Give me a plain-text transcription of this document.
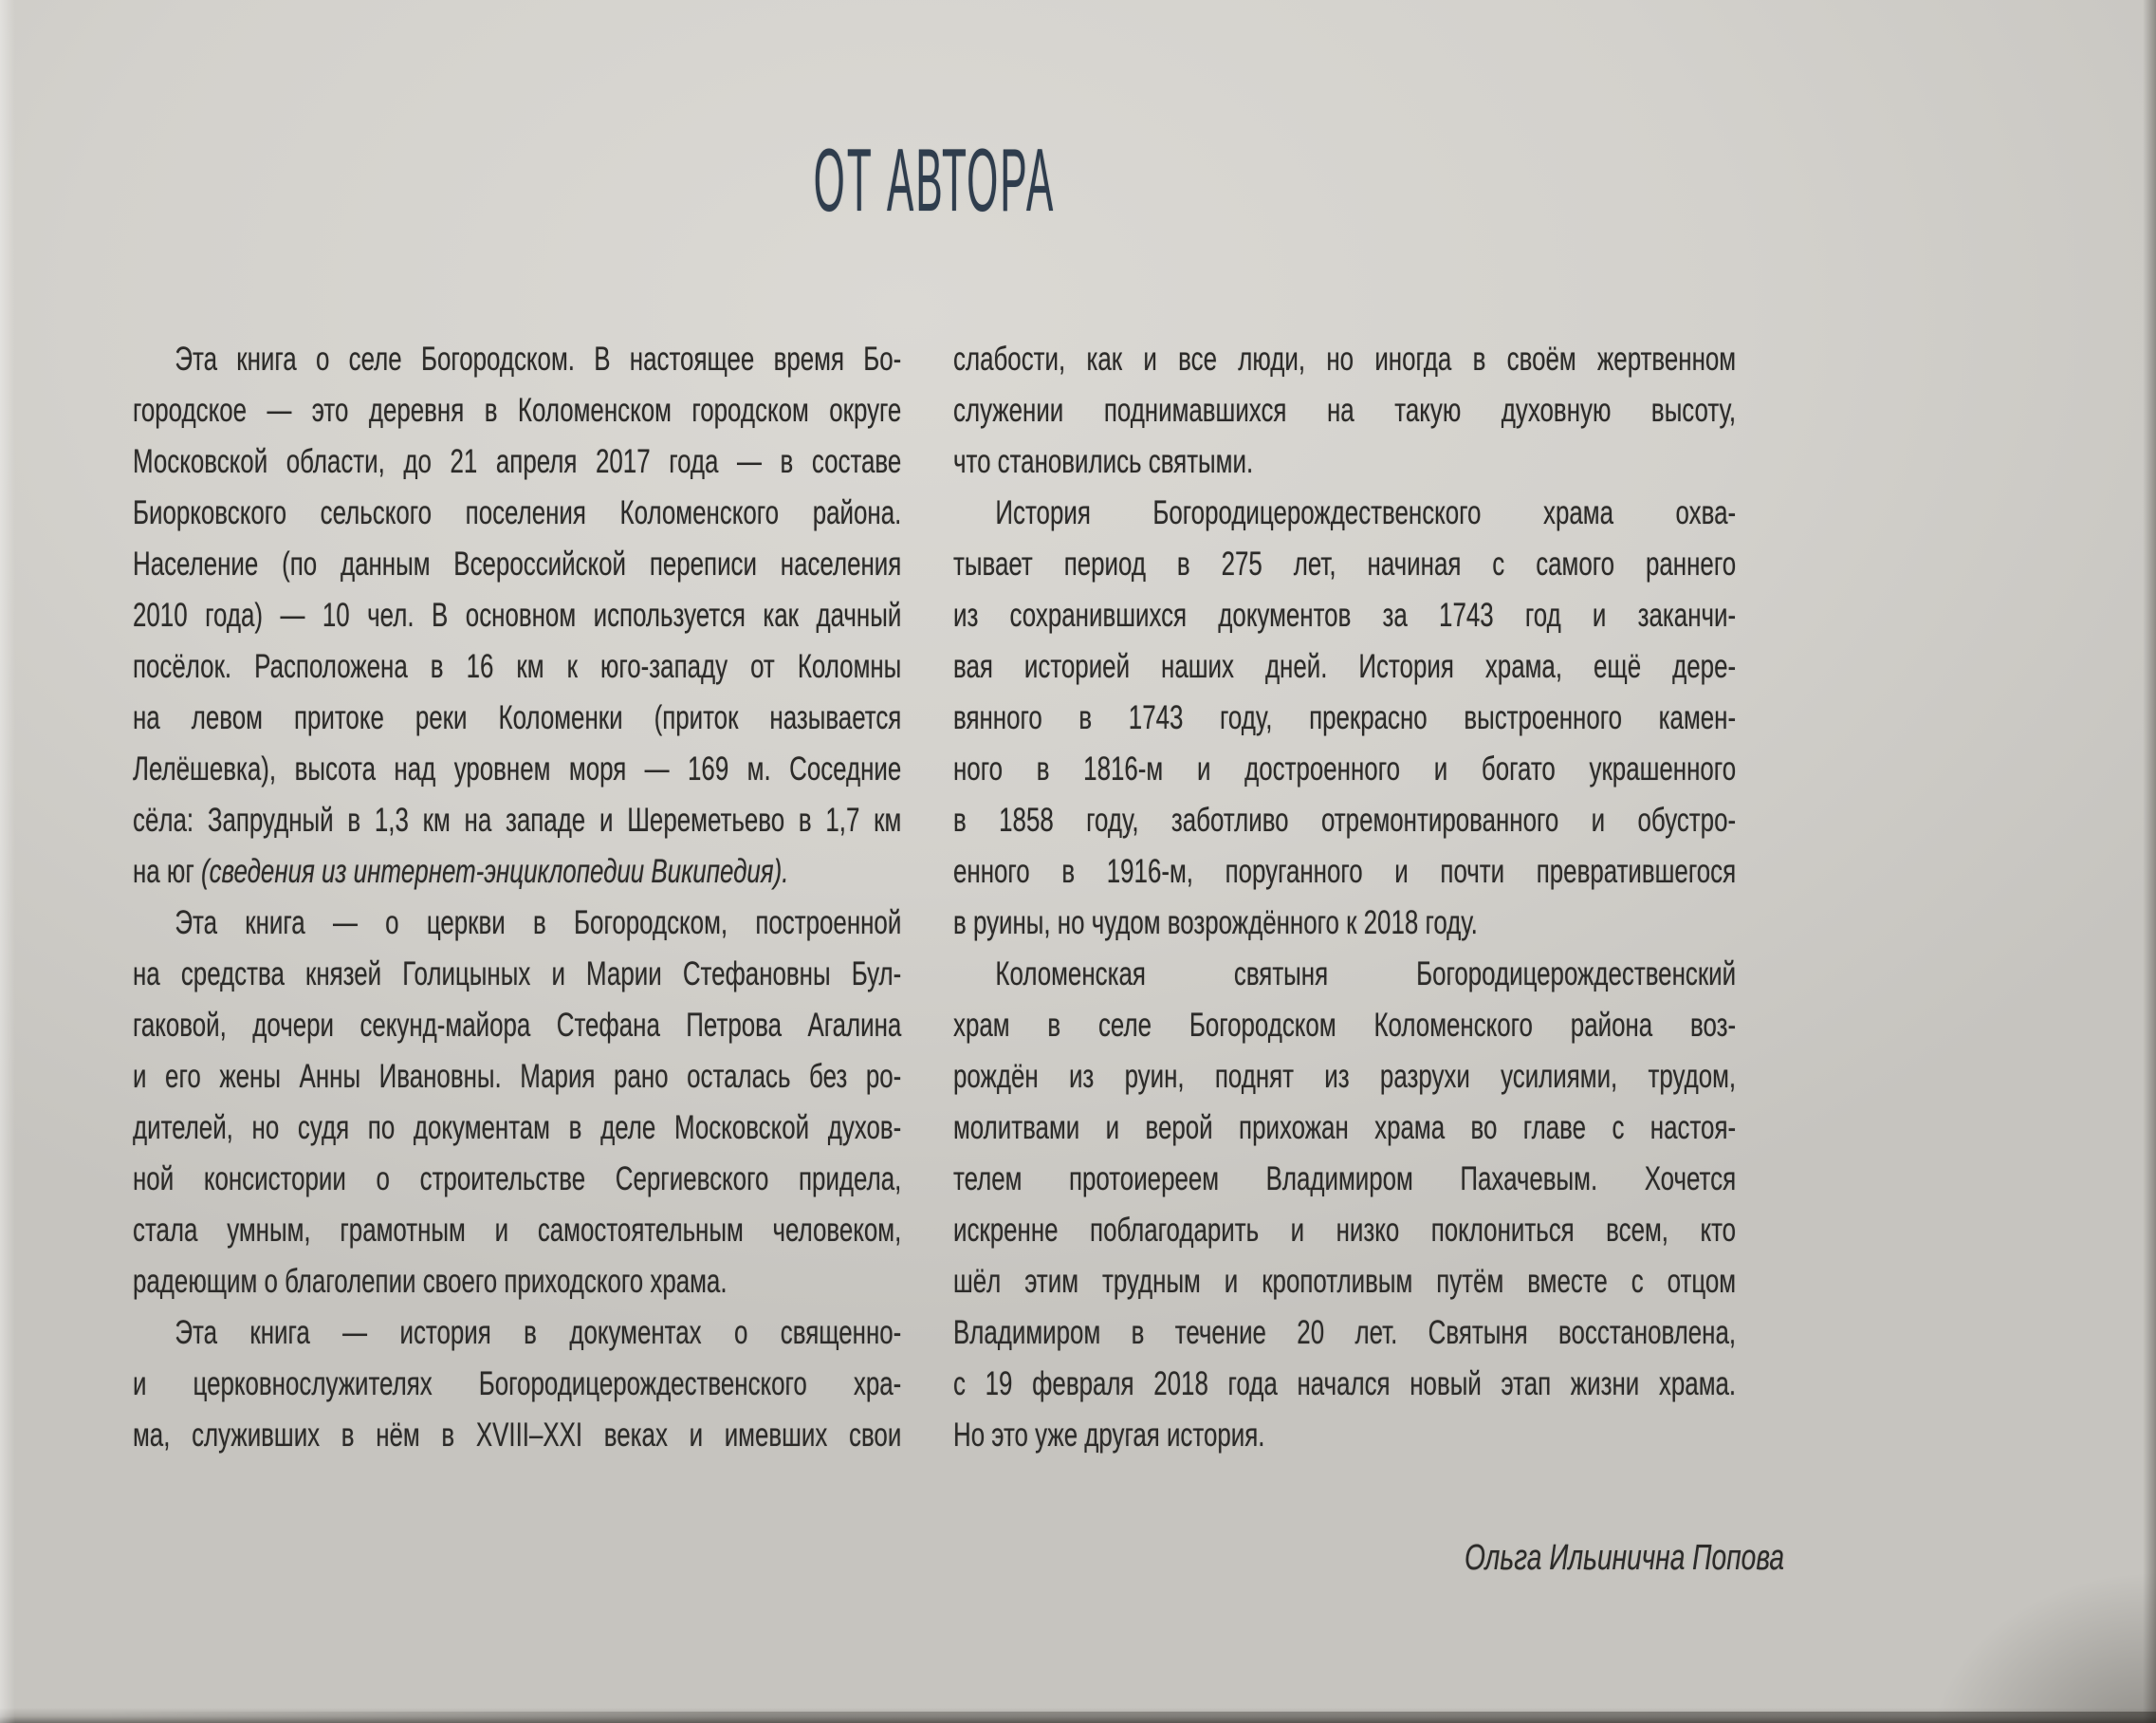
ОТ АВТОРА
Эта книга о селе Богородском. В настоящее время Бо-
городское — это деревня в Коломенском городском округе
Московской области, до 21 апреля 2017 года — в составе
Биорковского сельского поселения Коломенского района.
Население (по данным Всероссийской переписи населения
2010 года) — 10 чел. В основном используется как дачный
посёлок. Расположена в 16 км к юго-западу от Коломны
на левом притоке реки Коломенки (приток называется
Лелёшевка), высота над уровнем моря — 169 м. Соседние
сёла: Запрудный в 1,3 км на западе и Шереметьево в 1,7 км
на юг (сведения из интернет-энциклопедии Википедия).
Эта книга — о церкви в Богородском, построенной
на средства князей Голицыных и Марии Стефановны Бул-
гаковой, дочери секунд-майора Стефана Петрова Агалина
и его жены Анны Ивановны. Мария рано осталась без ро-
дителей, но судя по документам в деле Московской духов-
ной консистории о строительстве Сергиевского придела,
стала умным, грамотным и самостоятельным человеком,
радеющим о благолепии своего приходского храма.
Эта книга — история в документах о священно-
и церковнослужителях Богородицерождественского хра-
ма, служивших в нём в XVIII–XXI веках и имевших свои
слабости, как и все люди, но иногда в своём жертвенном
служении поднимавшихся на такую духовную высоту,
что становились святыми.
История Богородицерождественского храма охва-
тывает период в 275 лет, начиная с самого раннего
из сохранившихся документов за 1743 год и заканчи-
вая историей наших дней. История храма, ещё дере-
вянного в 1743 году, прекрасно выстроенного камен-
ного в 1816-м и достроенного и богато украшенного
в 1858 году, заботливо отремонтированного и обустро-
енного в 1916-м, поруганного и почти превратившегося
в руины, но чудом возрождённого к 2018 году.
Коломенская святыня Богородицерождественский
храм в селе Богородском Коломенского района воз-
рождён из руин, поднят из разрухи усилиями, трудом,
молитвами и верой прихожан храма во главе с настоя-
телем протоиереем Владимиром Пахачевым. Хочется
искренне поблагодарить и низко поклониться всем, кто
шёл этим трудным и кропотливым путём вместе с отцом
Владимиром в течение 20 лет. Святыня восстановлена,
с 19 февраля 2018 года начался новый этап жизни храма.
Но это уже другая история.
Ольга Ильинична Попова
